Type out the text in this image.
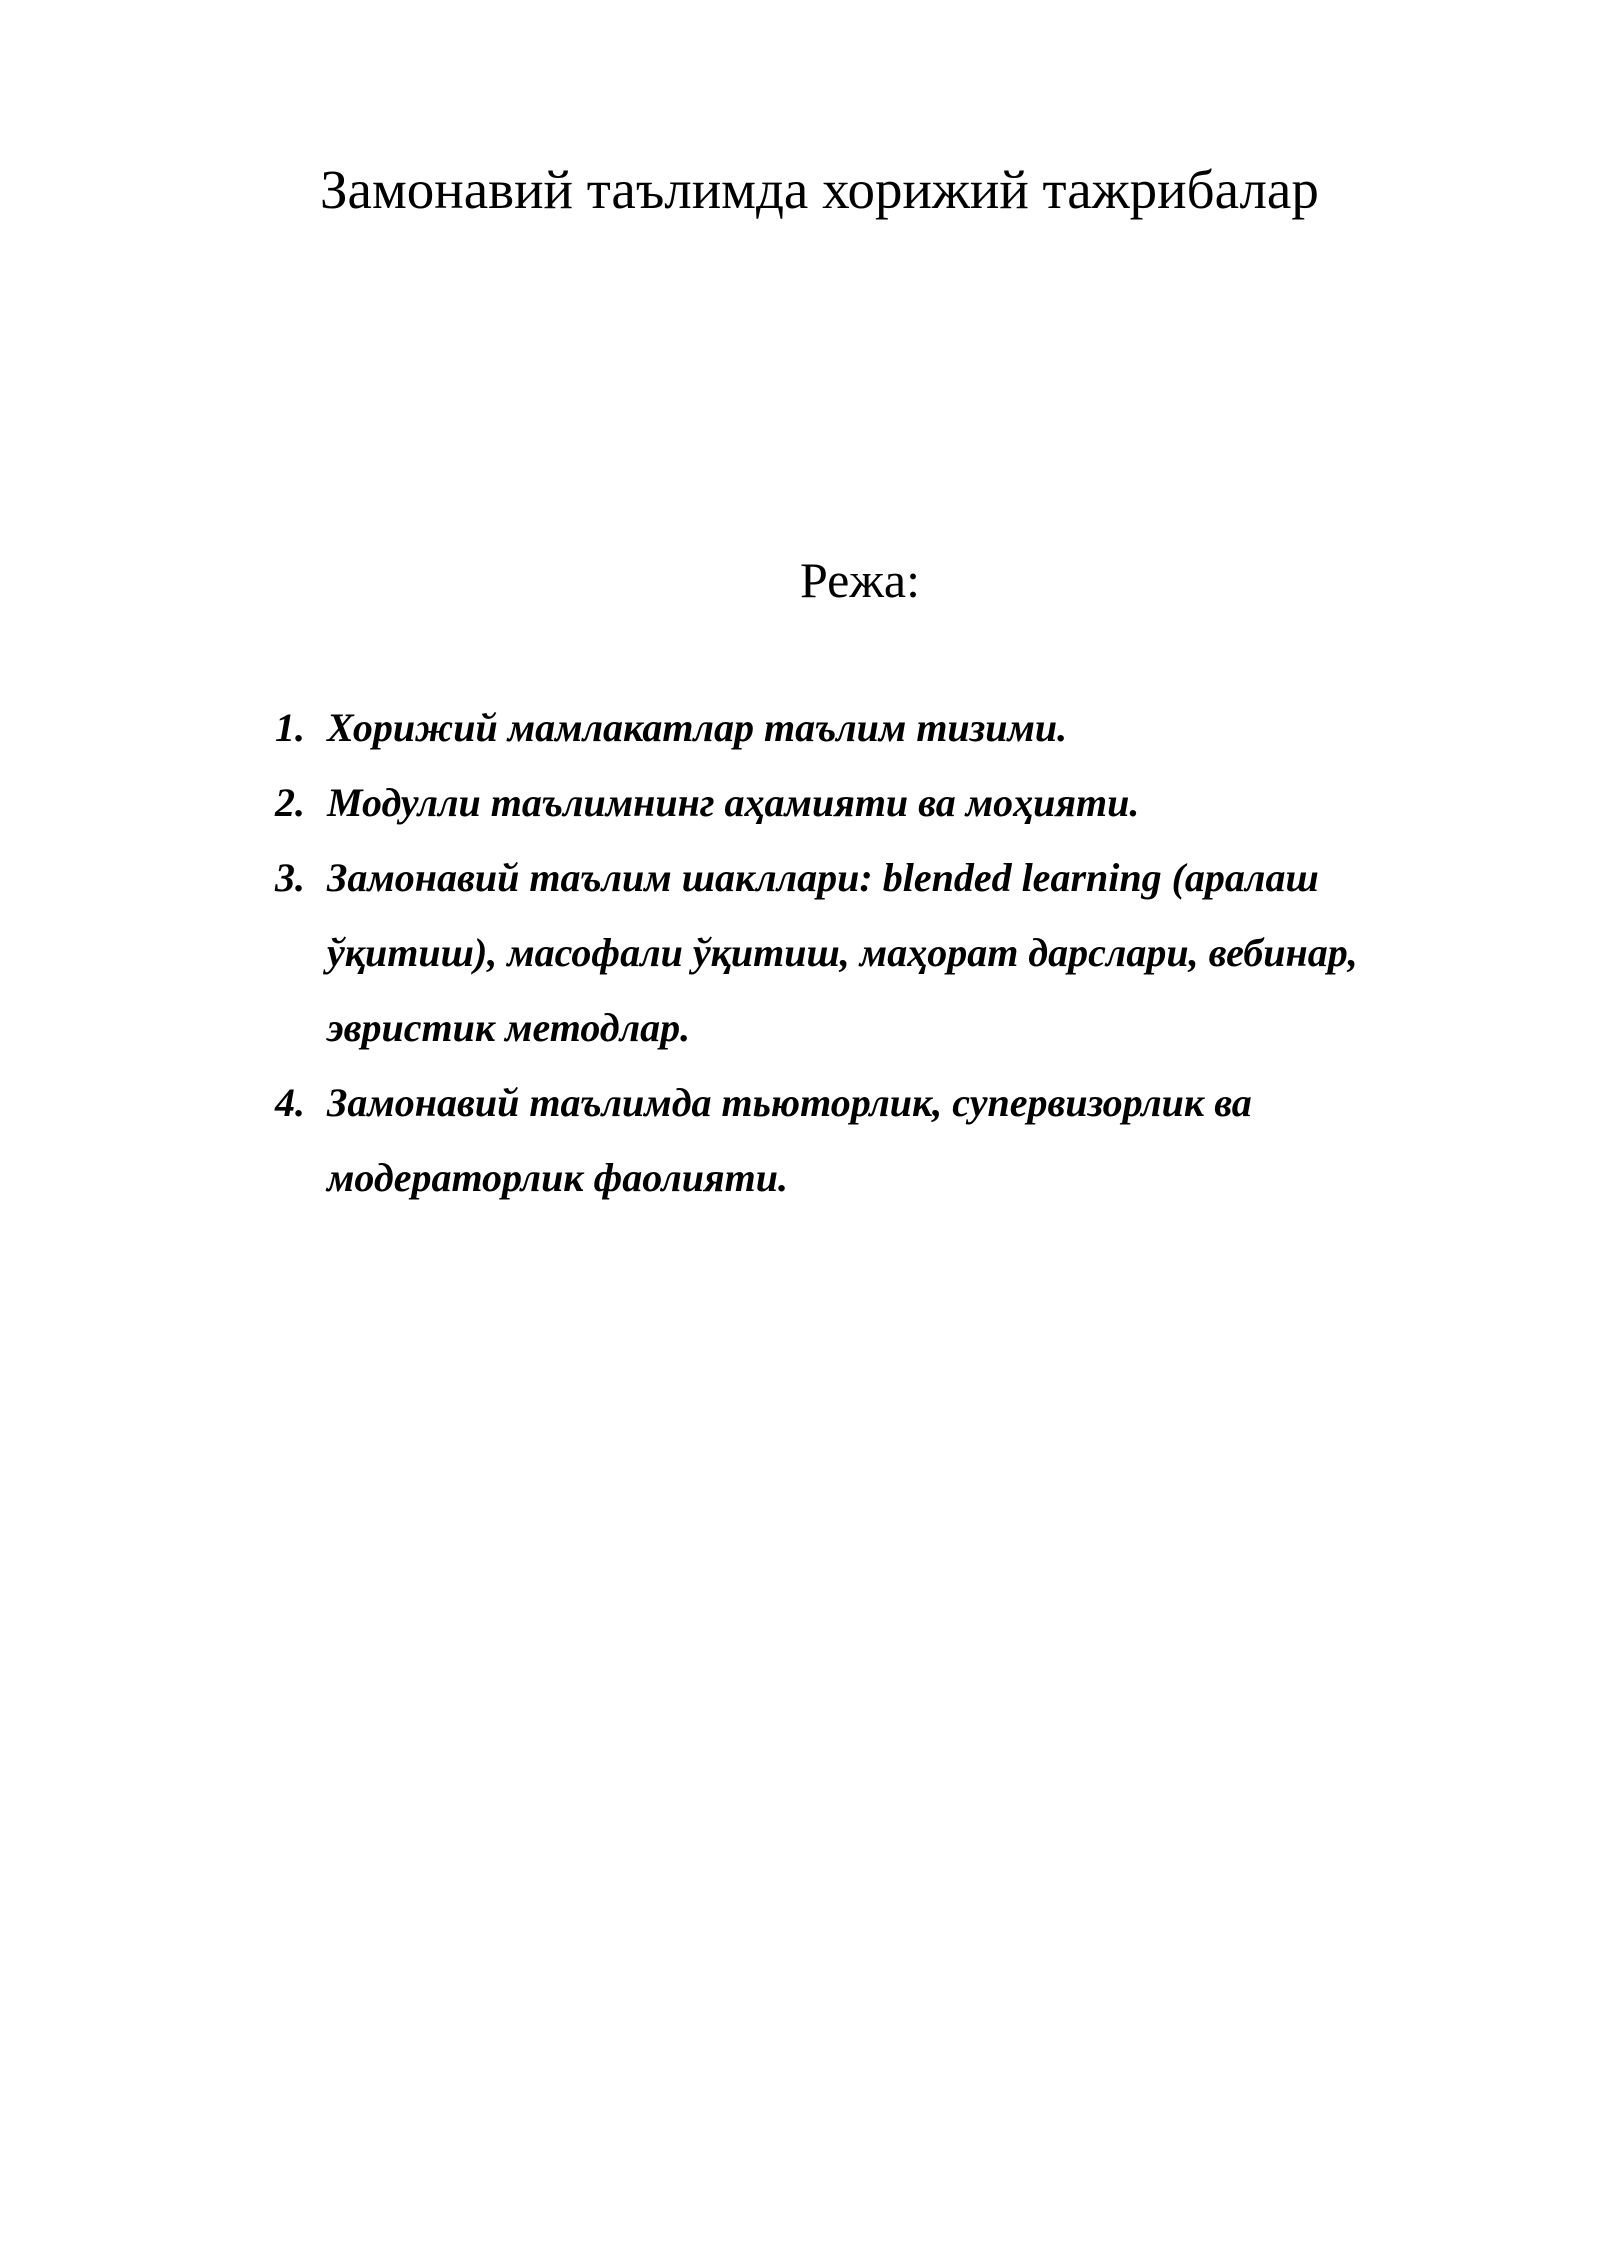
Замонавий таълимда хорижий тажрибалар
Режа:
1. Хорижий мамлакатлар таълим тизими.
2. Модулли таълимнинг аҳамияти ва моҳияти.
3. Замонавий таълим шакллари: blended learning (аралаш ўқитиш), масофали ўқитиш, маҳорат дарслари, вебинар, эвристик методлар.
4. Замонавий таълимда тьюторлик, супервизорлик ва модераторлик фаолияти.
